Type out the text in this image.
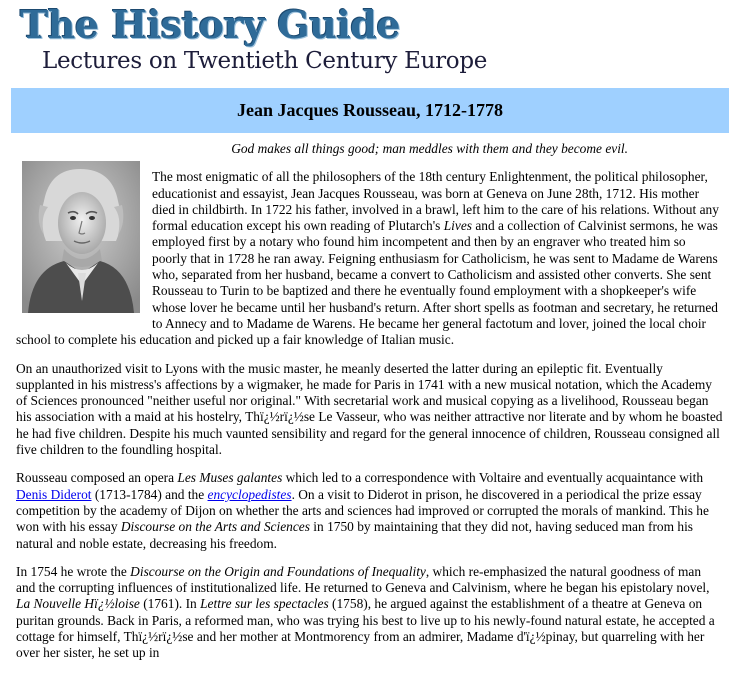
The History Guide
Lectures on Twentieth Century Europe
Jean Jacques Rousseau, 1712-1778
God makes all things good; man meddles with them and they become evil.

The most enigmatic of all the philosophers of the 18th century Enlightenment, the political philosopher, educationist and essayist, Jean Jacques Rousseau, was born at Geneva on June 28th, 1712. His mother died in childbirth. In 1722 his father, involved in a brawl, left him to the care of his relations. Without any formal education except his own reading of Plutarch's Lives and a collection of Calvinist sermons, he was employed first by a notary who found him incompetent and then by an engraver who treated him so poorly that in 1728 he ran away. Feigning enthusiasm for Catholicism, he was sent to Madame de Warens who, separated from her husband, became a convert to Catholicism and assisted other converts. She sent Rousseau to Turin to be baptized and there he eventually found employment with a shopkeeper's wife whose lover he became until her husband's return. After short spells as footman and secretary, he returned to Annecy and to Madame de Warens. He became her general factotum and lover, joined the local choir school to complete his education and picked up a fair knowledge of Italian music.

On an unauthorized visit to Lyons with the music master, he meanly deserted the latter during an epileptic fit. Eventually supplanted in his mistress's affections by a wigmaker, he made for Paris in 1741 with a new musical notation, which the Academy of Sciences pronounced "neither useful nor original." With secretarial work and musical copying as a livelihood, Rousseau began his association with a maid at his hostelry, Thï¿½rï¿½se Le Vasseur, who was neither attractive nor literate and by whom he boasted he had five children. Despite his much vaunted sensibility and regard for the general innocence of children, Rousseau consigned all five children to the foundling hospital.

Rousseau composed an opera Les Muses galantes which led to a correspondence with Voltaire and eventually acquaintance with Denis Diderot (1713-1784) and the encyclopedistes. On a visit to Diderot in prison, he discovered in a periodical the prize essay competition by the academy of Dijon on whether the arts and sciences had improved or corrupted the morals of mankind. This he won with his essay Discourse on the Arts and Sciences in 1750 by maintaining that they did not, having seduced man from his natural and noble estate, decreasing his freedom.

In 1754 he wrote the Discourse on the Origin and Foundations of Inequality, which re-emphasized the natural goodness of man and the corrupting influences of institutionalized life. He returned to Geneva and Calvinism, where he began his epistolary novel, La Nouvelle Hï¿½loise (1761). In Lettre sur les spectacles (1758), he argued against the establishment of a theatre at Geneva on puritan grounds. Back in Paris, a reformed man, who was trying his best to live up to his newly-found natural estate, he accepted a cottage for himself, Thï¿½rï¿½se and her mother at Montmorency from an admirer, Madame d'ï¿½pinay, but quarreling with her over her sister, he set up in
